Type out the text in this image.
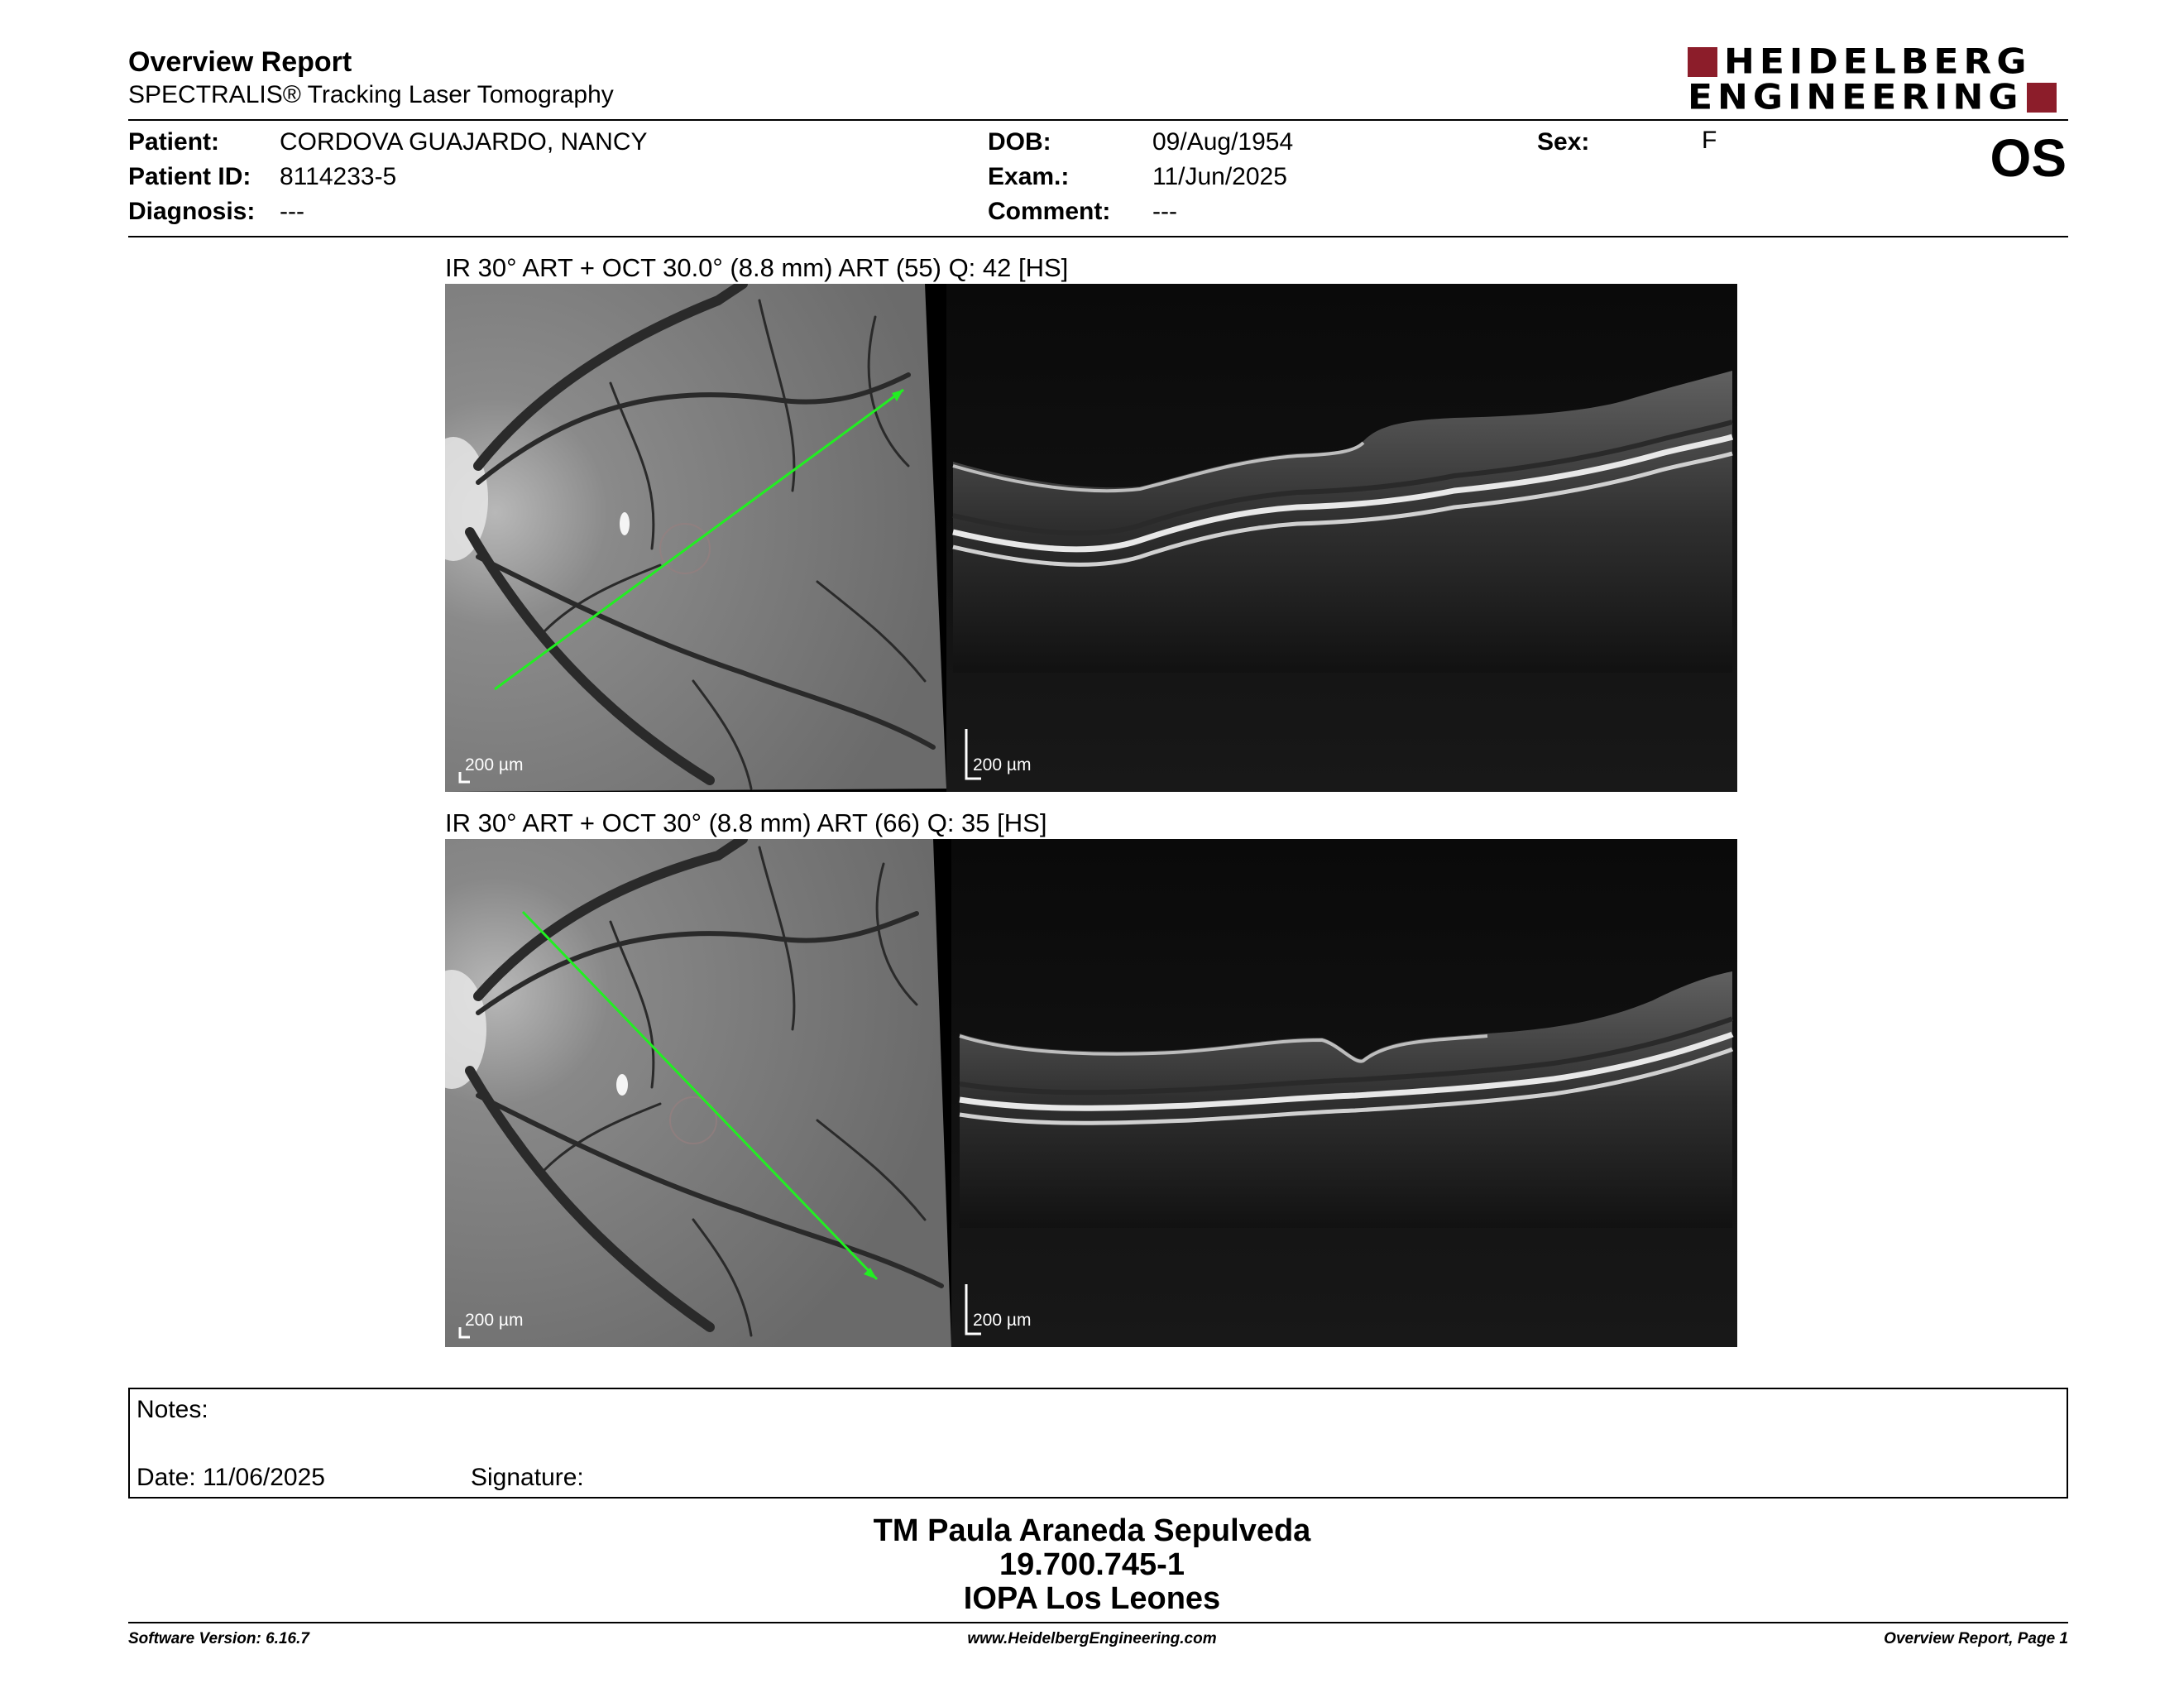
Overview Report
SPECTRALIS® Tracking Laser Tomography
HEIDELBERG
ENGINEERING
Patient: CORDOVA GUAJARDO, NANCY
Patient ID: 8114233-5
Diagnosis: ---
DOB:	09/Aug/1954
Exam.:	11/Jun/2025
Comment: ---
Sex:	F	OS
IR 30° ART + OCT 30.0° (8.8 mm) ART (55) Q: 42 [HS]
200 µm	200 µm
IR 30° ART + OCT 30° (8.8 mm) ART (66) Q: 35 [HS]
200 µm	200 µm
Notes:
Date: 11/06/2025	Signature:
TM Paula Araneda Sepulveda
19.700.745-1
IOPA Los Leones
Software Version: 6.16.7	www.HeidelbergEngineering.com	Overview Report, Page 1
